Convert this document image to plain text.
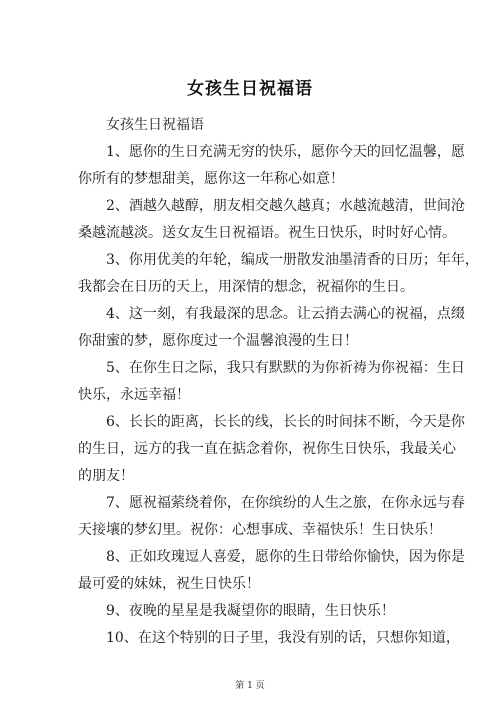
女孩生日祝福语

女孩生日祝福语

1、愿你的生日充满无穷的快乐，愿你今天的回忆温馨，愿
你所有的梦想甜美，愿你这一年称心如意！

2、酒越久越醇，朋友相交越久越真；水越流越清，世间沧
桑越流越淡。送女友生日祝福语。祝生日快乐，时时好心情。

3、你用优美的年轮，编成一册散发油墨清香的日历；年年，
我都会在日历的天上，用深情的想念，祝福你的生日。

4、这一刻，有我最深的思念。让云捎去满心的祝福，点缀
你甜蜜的梦，愿你度过一个温馨浪漫的生日！

5、在你生日之际，我只有默默的为你祈祷为你祝福：生日
快乐，永远幸福！

6、长长的距离，长长的线，长长的时间抹不断，今天是你
的生日，远方的我一直在掂念着你，祝你生日快乐，我最关心
的朋友！

7、愿祝福萦绕着你，在你缤纷的人生之旅，在你永远与春
天接壤的梦幻里。祝你：心想事成、幸福快乐！生日快乐！

8、正如玫瑰逗人喜爱，愿你的生日带给你愉快，因为你是
最可爱的妹妹，祝生日快乐！

9、夜晚的星星是我凝望你的眼睛，生日快乐！

10、在这个特别的日子里，我没有别的话，只想你知道，

第 1 页
